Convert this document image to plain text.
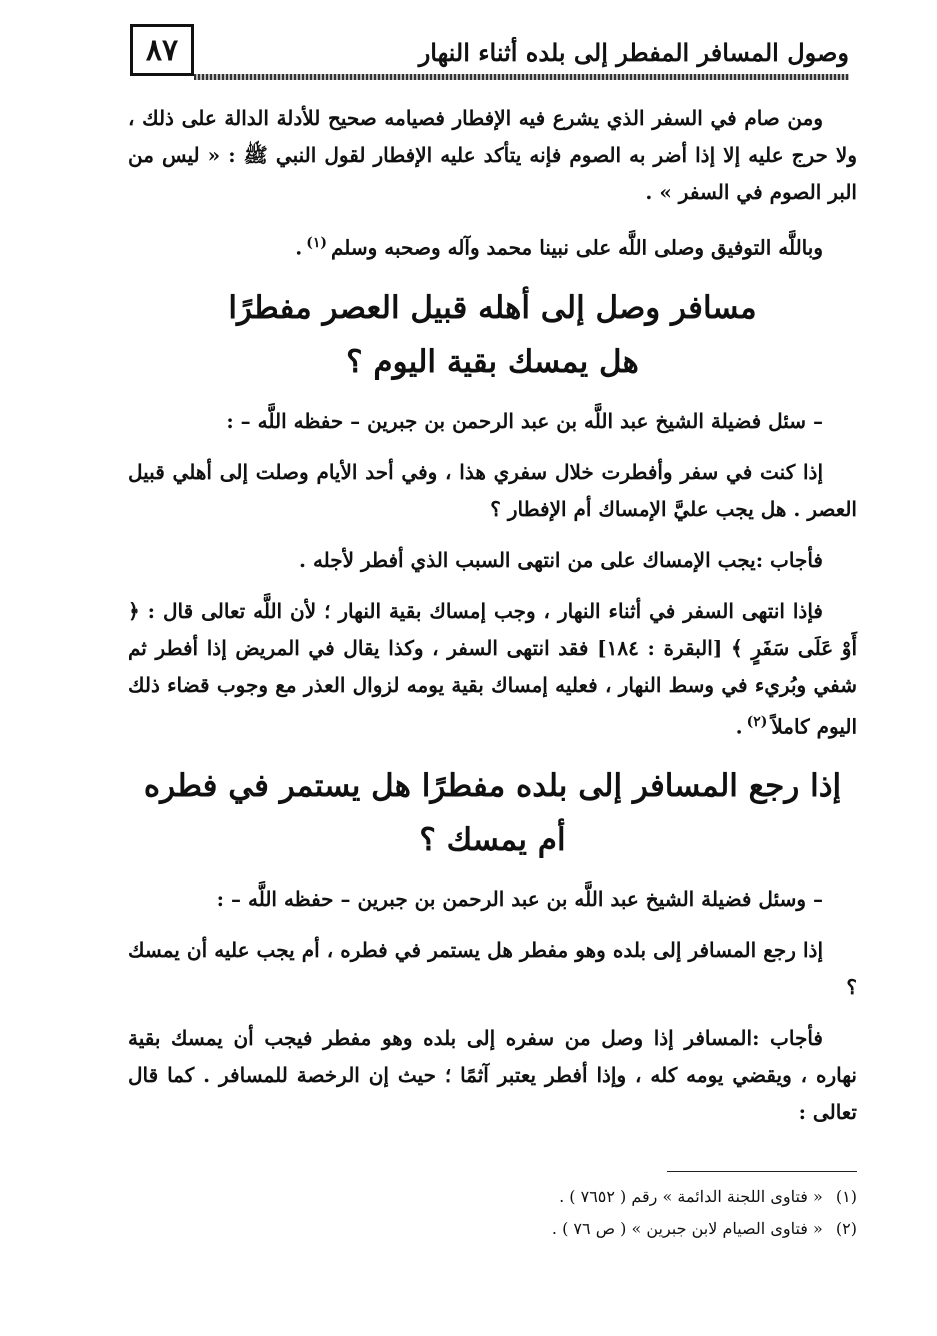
٨٧	وصول المسافر المفطر إلى بلده أثناء النهار

ومن صام في السفر الذي يشرع فيه الإفطار فصيامه صحيح للأدلة الدالة على ذلك ، ولا حرج عليه إلا إذا أضر به الصوم فإنه يتأكد عليه الإفطار لقول النبي ﷺ : « ليس من البر الصوم في السفر » .

وباللَّه التوفيق وصلى اللَّه على نبينا محمد وآله وصحبه وسلم$^{(١)}$.

مسافر وصل إلى أهله قبيل العصر مفطرًا
هل يمسك بقية اليوم ؟

– سئل فضيلة الشيخ عبد اللَّه بن عبد الرحمن بن جبرين – حفظه اللَّه – :

إذا كنت في سفر وأفطرت خلال سفري هذا ، وفي أحد الأيام وصلت إلى أهلي قبيل العصر . هل يجب عليَّ الإمساك أم الإفطار ؟

فأجاب :يجب الإمساك على من انتهى السبب الذي أفطر لأجله .

فإذا انتهى السفر في أثناء النهار ، وجب إمساك بقية النهار ؛ لأن اللَّه تعالى قال : ﴿ أَوْ عَلَى سَفَرٍ ﴾ [البقرة : ١٨٤] فقد انتهى السفر ، وكذا يقال في المريض إذا أفطر ثم شفي وبُريء في وسط النهار ، فعليه إمساك بقية يومه لزوال العذر مع وجوب قضاء ذلك اليوم كاملاً$^{(٢)}$.

إذا رجع المسافر إلى بلده مفطرًا هل يستمر في فطره
أم يمسك ؟

– وسئل فضيلة الشيخ عبد اللَّه بن عبد الرحمن بن جبرين – حفظه اللَّه – :

إذا رجع المسافر إلى بلده وهو مفطر هل يستمر في فطره ، أم يجب عليه أن يمسك ؟

فأجاب :المسافر إذا وصل من سفره إلى بلده وهو مفطر فيجب أن يمسك بقية نهاره ، ويقضي يومه كله ، وإذا أفطر يعتبر آثمًا ؛ حيث إن الرخصة للمسافر . كما قال تعالى :

(١) « فتاوى اللجنة الدائمة » رقم ( ٧٦٥٢ ) .
(٢) « فتاوى الصيام لابن جبرين » ( ص ٧٦ ) .
